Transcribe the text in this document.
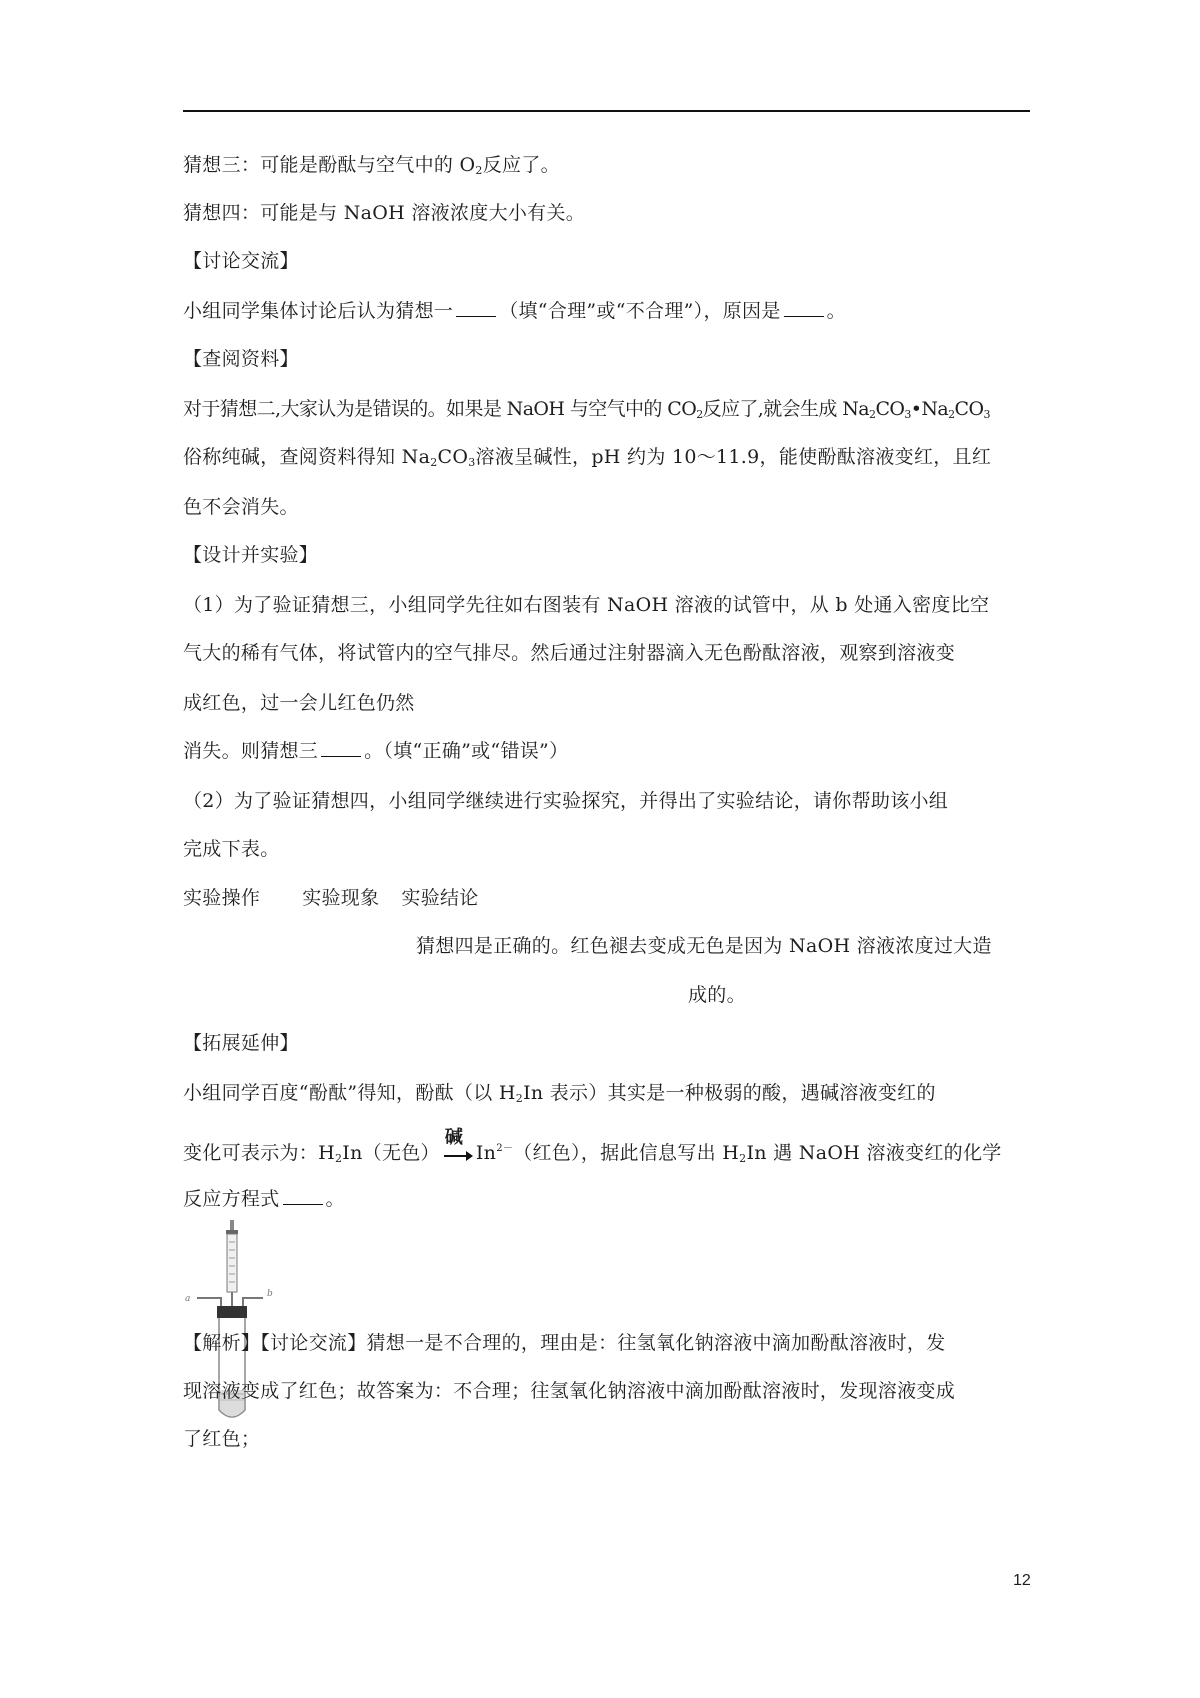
猜想三：可能是酚酞与空气中的 $O_2$反应了。
猜想四：可能是与 NaOH 溶液浓度大小有关。
【讨论交流】
小组同学集体讨论后认为猜想一 （填“合理”或“不合理”），原因是 。
【查阅资料】
对于猜想二,大家认为是错误的。如果是 NaOH 与空气中的 $CO_2$反应了,就会生成 $Na_2CO_3•Na_2CO_3$
俗称纯碱，查阅资料得知 $Na_2CO_3$溶液呈碱性，pH 约为 10～11.9，能使酚酞溶液变红，且红
色不会消失。
【设计并实验】
（1）为了验证猜想三，小组同学先往如右图装有 NaOH 溶液的试管中，从 b 处通入密度比空
气大的稀有气体，将试管内的空气排尽。然后通过注射器滴入无色酚酞溶液，观察到溶液变
成红色，过一会儿红色仍然
消失。则猜想三 。（填“正确”或“错误”）
（2）为了验证猜想四，小组同学继续进行实验探究，并得出了实验结论，请你帮助该小组
完成下表。
实验操作 实验现象 实验结论
猜想四是正确的。红色褪去变成无色是因为 NaOH 溶液浓度过大造
成的。
【拓展延伸】
小组同学百度“酚酞”得知，酚酞（以 $H_2In$ 表示）其实是一种极弱的酸，遇碱溶液变红的
变化可表示为：$H_2In$（无色）
碱
$In^{2-}$（红色），据此信息写出 $H_2In$ 遇 NaOH 溶液变红的化学
反应方程式 。
a	b
【解析】【讨论交流】猜想一是不合理的，理由是：往氢氧化钠溶液中滴加酚酞溶液时，发
现溶液变成了红色；故答案为：不合理；往氢氧化钠溶液中滴加酚酞溶液时，发现溶液变成
了红色；
12
